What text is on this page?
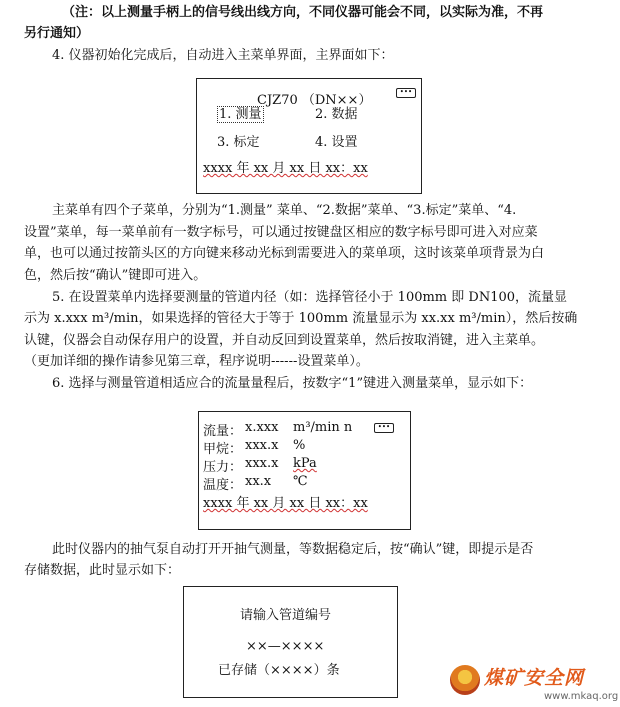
（注：以上测量手柄上的信号线出线方向，不同仪器可能会不同，以实际为准，不再

另行通知）

4. 仪器初始化完成后，自动进入主菜单界面，主界面如下：

CJZ70 （DN××）
•••
1. 测量	2. 数据
3. 标定	4. 设置
xxxx 年 xx 月 xx 日 xx：xx

主菜单有四个子菜单，分别为“1.测量” 菜单、“2.数据”菜单、“3.标定”菜单、“4.

设置”菜单，每一菜单前有一数字标号，可以通过按键盘区相应的数字标号即可进入对应菜

单，也可以通过按箭头区的方向键来移动光标到需要进入的菜单项，这时该菜单项背景为白

色，然后按“确认”键即可进入。

5. 在设置菜单内选择要测量的管道内径（如：选择管径小于 100mm 即 DN100，流量显

示为 x.xxx m³/min，如果选择的管径大于等于 100mm 流量显示为 xx.xx m³/min），然后按确

认键，仪器会自动保存用户的设置，并自动反回到设置菜单，然后按取消键，进入主菜单。

（更加详细的操作请参见第三章，程序说明------设置菜单）。

6. 选择与测量管道相适应合的流量量程后，按数字“1”键进入测量菜单，显示如下：

•••
流量： x.xxx m³/min n
甲烷： xxx.x %
压力： xxx.x kPa
温度： xx.x ℃
xxxx 年 xx 月 xx 日 xx：xx

此时仪器内的抽气泵自动打开开抽气测量，等数据稳定后，按“确认”键，即提示是否

存储数据，此时显示如下：

请输入管道编号
××—××××
已存储（××××）条	煤矿安全网
www.mkaq.org
